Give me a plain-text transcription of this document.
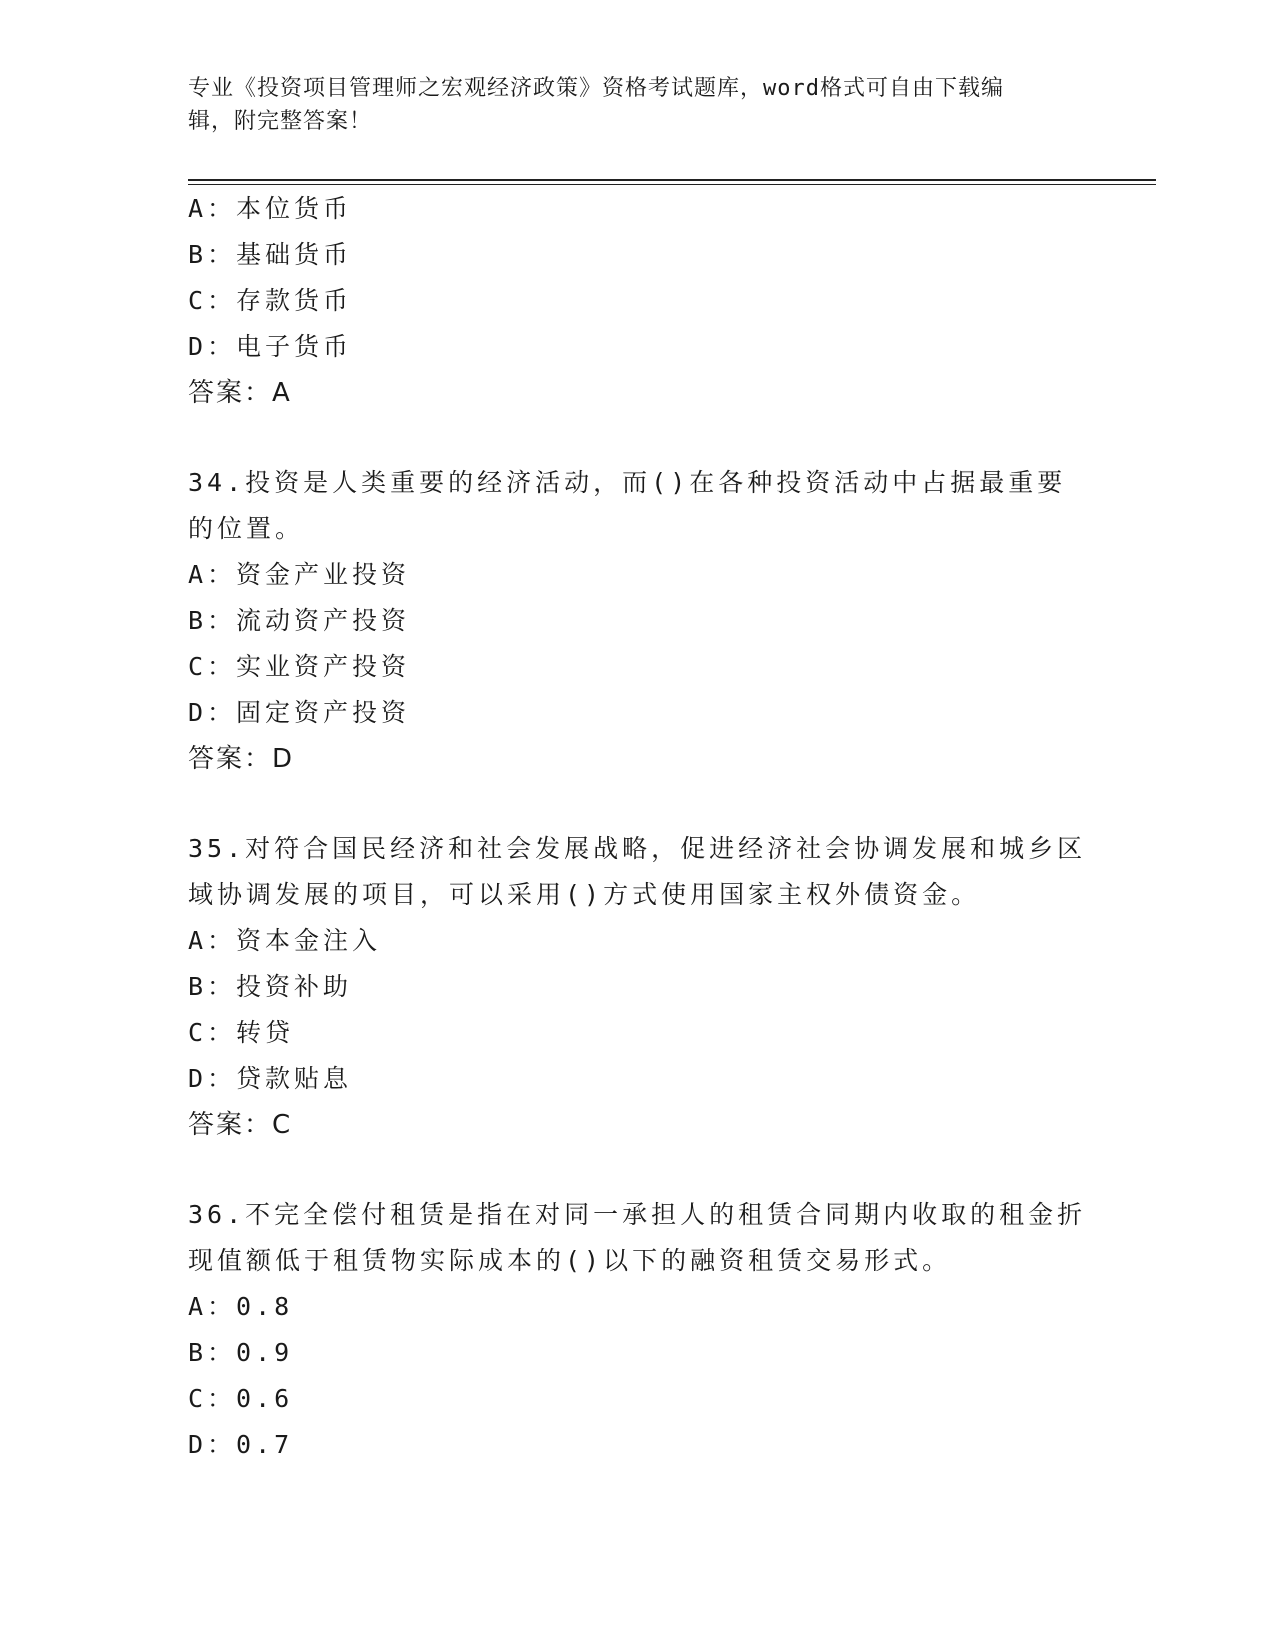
专业《投资项目管理师之宏观经济政策》资格考试题库，word格式可自由下载编
辑，附完整答案！
A：本位货币
B：基础货币
C：存款货币
D：电子货币
答案：A
34.投资是人类重要的经济活动，而()在各种投资活动中占据最重要的位置。
A：资金产业投资
B：流动资产投资
C：实业资产投资
D：固定资产投资
答案：D
35.对符合国民经济和社会发展战略，促进经济社会协调发展和城乡区域协调发展的项目，可以采用()方式使用国家主权外债资金。
A：资本金注入
B：投资补助
C：转贷
D：贷款贴息
答案：C
36.不完全偿付租赁是指在对同一承担人的租赁合同期内收取的租金折现值额低于租赁物实际成本的()以下的融资租赁交易形式。
A：0.8
B：0.9
C：0.6
D：0.7
